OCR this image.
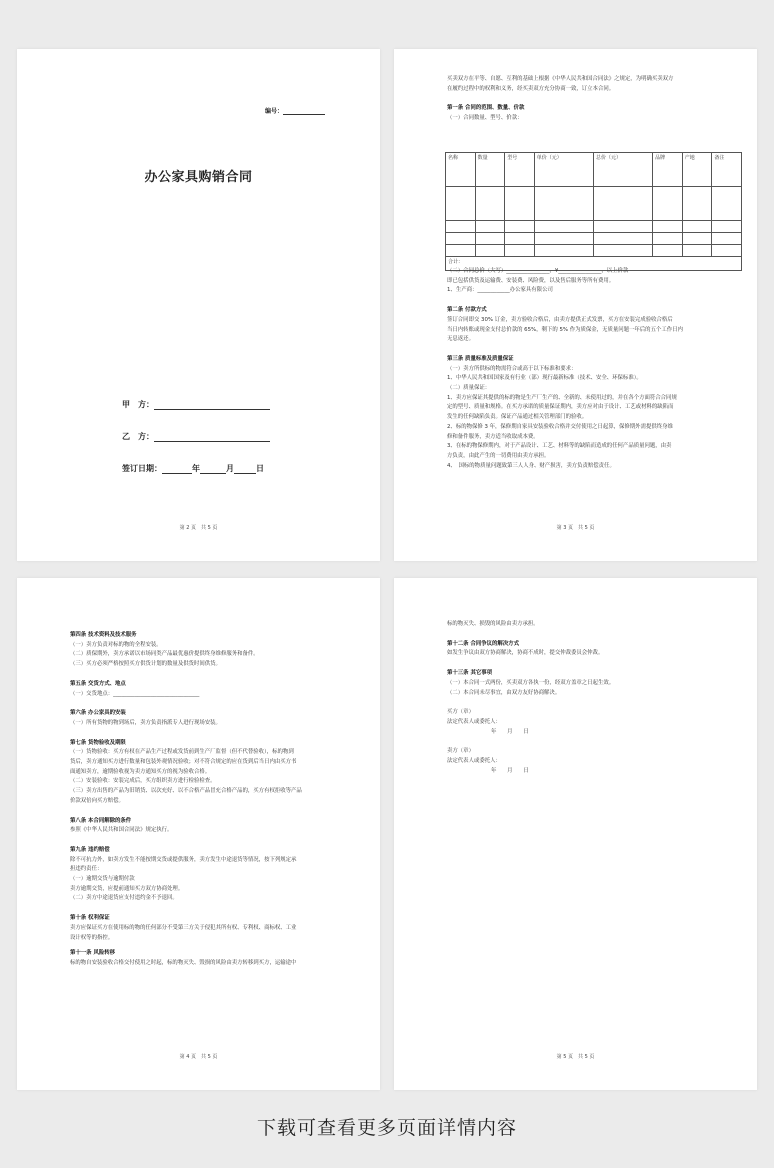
编号：
办公家具购销合同
甲　方：
乙　方：
签订日期：	年	月	日
第 2 页　共 5 页

买卖双方在平等、自愿、互利的基础上根据《中华人民共和国合同法》之规定，为明确买卖双方

在履约过程中的权利和义务，经买卖双方充分协商一致，订立本合同。

第一条 合同的范围、数量、价款

（一）合同数量、型号、价款：

名称	数量	型号	单价（元）	总价（元）	品牌	产地	备注

合计：							

（二）合同总价（大写）________________，¥________________，以上价款

即已包括供货及运输费、安装费、风险费，以及售后服务等所有费用。

1、生产商：____________办公家具有限公司

第二条 付款方式

签订合同即交 30% 订金，卖方验收合格后，由卖方提供正式发票，买方在安装完成验收合格后

当日内转账或现金支付总价款的 65%，剩下的 5% 作为质保金，无质量问题一年后的五个工作日内

无息返还。

第三条 质量标准及质量保证

（一）卖方所供标的物需符合或高于以下标准和要求：

1、中华人民共和国国家及有行业（部）现行最新标准（技术、安全、环保标准）。

（二）质量保证：

1、卖方应保证其提供的标的物是生产厂生产的、全新的、未使用过的，并在各个方面符合合同规

定的型号、质量和规格。在买方承诺的质量保证期内，卖方应对由于设计、工艺或材料的缺陷而

发生的任何缺陷负责。保证产品通过相关管理部门的验收。

2、标的物保修 3 年，保修期自家具安装验收合格并交付使用之日起算，保修期外需提供终身维

修和备件服务，卖方适当收取成本费。

3、在标的物保修期内，对于产品设计、工艺、材料等的缺陷而造成的任何产品质量问题，由卖

方负责，由此产生的一切费用由卖方承担。

4、　国标的物质量问题致第三人人身、财产损害，卖方负责赔偿责任。

第 3 页　共 5 页

第四条 技术资料及技术服务

（一）卖方负责对标的物的全程安装。

（二）质保期外，卖方承诺以市场同类产品最优惠价提供终身维修服务和备件。

（三）买方必须严格按照买方供货计划的数量及供货时间供货。

第五条 交货方式、地点

（一）交货地点：________________________________

第六条 办公家具的安装

（一）所有货物的物到场后，卖方负责指派专人进行现场安装。

第七条 货物验收及期限

（一）货物验收：买方有权在产品生产过程或发货前到生产厂监督（但不代替验收），标的物到

货后，卖方通知买方进行数量和包装外观情况验收；对不符合规定的应在货到后当日内由买方书

面通知卖方，逾期验收视为卖方通知买方的视为验收合格。

（二）安装验收：安装完成后，买方组织卖方进行检验检查。

（三）卖方出售的产品为旧销货、以次充好、以不合格产品冒充合格产品的，买方有权拒收等产品

价款双倍向买方赔偿。

第八条 本合同解除的条件

参照《中华人民共和国合同法》规定执行。

第九条 违约赔偿

除不可抗力外，如卖方发生不能按期交货或提供服务，卖方发生中途退货等情况，按下列规定承

担违约责任：

（一）逾期交货与逾期付款

卖方逾期交货，应提前通知买方双方协商处理。

（二）卖方中途退货应支付违约金不予退回。

第十条 权利保证

卖方应保证买方在使用标的物的任何部分不受第三方关于侵犯其所有权、专利权、商标权、工业

设计权等的指控。

第十一条 风险转移

标的物自安装验收合格交付使用之时起，标的物灭失、毁损的风险由卖方转移到买方，运输途中

第 4 页　共 5 页

标的物灭失、损毁的风险由卖方承担。

第十二条 合同争议的解决方式

如发生争议由双方协商解决，协商不成时，提交仲裁委员会仲裁。

第十三条 其它事项

（一）本合同一式两份，买卖双方各执一份，经双方盖章之日起生效。

（二）本合同未尽事宜，由双方友好协商解决。

买方（章）

法定代表人或委托人：

年　　月　　日

卖方（章）

法定代表人或委托人：

年　　月　　日

第 5 页　共 5 页
下载可查看更多页面详情内容
